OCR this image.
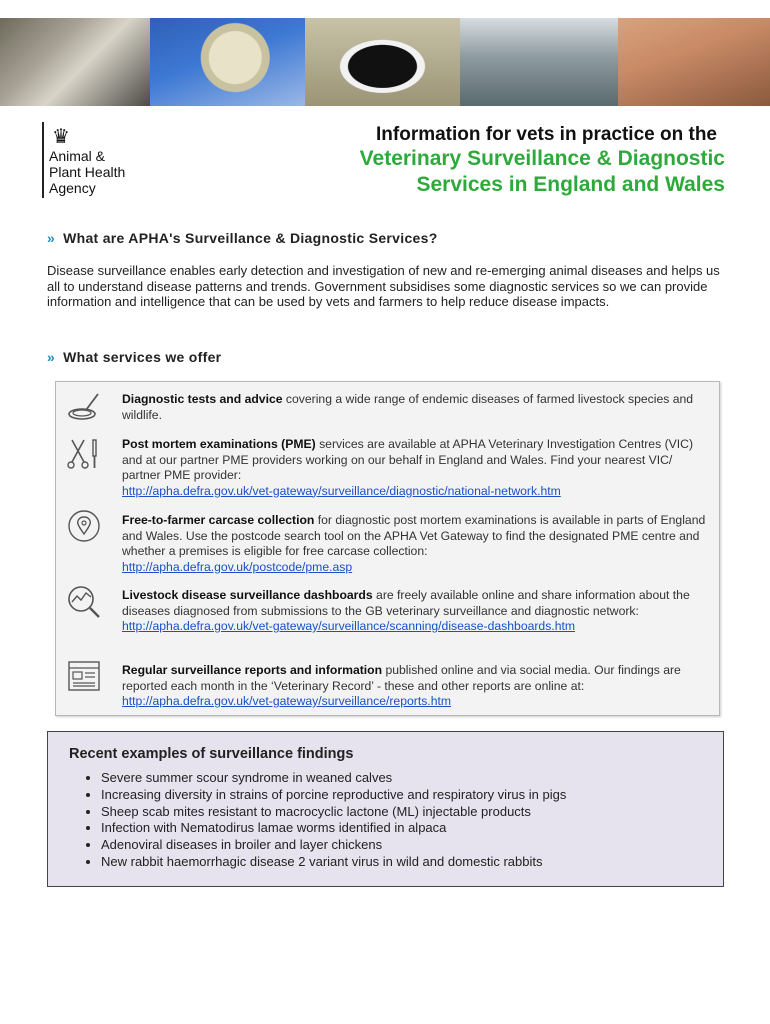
♛
Animal &
Plant Health
Agency
Information for vets in practice on the
Veterinary Surveillance & Diagnostic
Services in England and Wales
» What are APHA's Surveillance & Diagnostic Services?
Disease surveillance enables early detection and investigation of new and re-emerging animal diseases and helps us all to understand disease patterns and trends. Government subsidises some diagnostic services so we can provide information and intelligence that can be used by vets and farmers to help reduce disease impacts.
» What services we offer
Diagnostic tests and advice covering a wide range of endemic diseases of farmed livestock species and wildlife.
Post mortem examinations (PME) services are available at APHA Veterinary Investigation Centres (VIC) and at our partner PME providers working on our behalf in England and Wales. Find your nearest VIC/ partner PME provider:
http://apha.defra.gov.uk/vet-gateway/surveillance/diagnostic/national-network.htm
Free-to-farmer carcase collection for diagnostic post mortem examinations is available in parts of England and Wales. Use the postcode search tool on the APHA Vet Gateway to find the designated PME centre and whether a premises is eligible for free carcase collection:
http://apha.defra.gov.uk/postcode/pme.asp
Livestock disease surveillance dashboards are freely available online and share information about the diseases diagnosed from submissions to the GB veterinary surveillance and diagnostic network:
http://apha.defra.gov.uk/vet-gateway/surveillance/scanning/disease-dashboards.htm
Regular surveillance reports and information published online and via social media. Our findings are reported each month in the ‘Veterinary Record’ - these and other reports are online at:
http://apha.defra.gov.uk/vet-gateway/surveillance/reports.htm
Recent examples of surveillance findings
• Severe summer scour syndrome in weaned calves
• Increasing diversity in strains of porcine reproductive and respiratory virus in pigs
• Sheep scab mites resistant to macrocyclic lactone (ML) injectable products
• Infection with Nematodirus lamae worms identified in alpaca
• Adenoviral diseases in broiler and layer chickens
• New rabbit haemorrhagic disease 2 variant virus in wild and domestic rabbits
